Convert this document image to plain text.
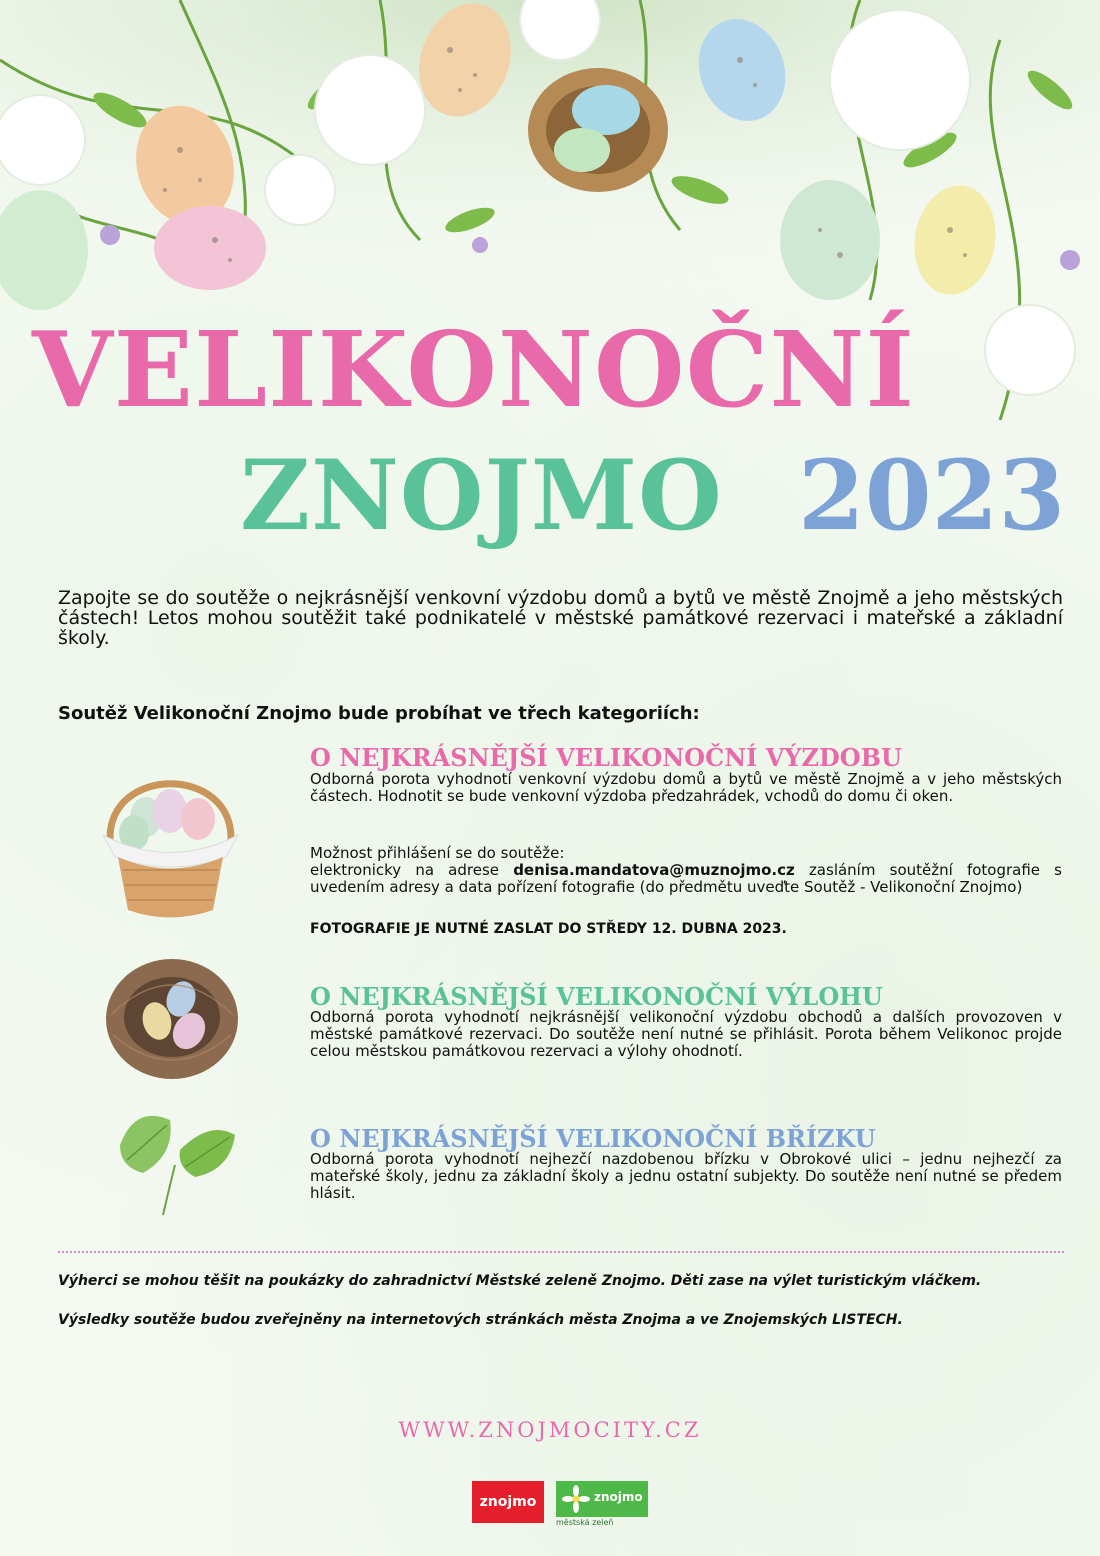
VELIKONOČNÍ
ZNOJMO 2023
Zapojte se do soutěže o nejkrásnější venkovní výzdobu domů a bytů ve městě Znojmě a jeho městských částech! Letos mohou soutěžit také podnikatelé v městské památkové rezervaci i mateřské a základní školy.
Soutěž Velikonoční Znojmo bude probíhat ve třech kategoriích:
O NEJKRÁSNĚJŠÍ VELIKONOČNÍ VÝZDOBU
Odborná porota vyhodnotí venkovní výzdobu domů a bytů ve městě Znojmě a v jeho městských částech. Hodnotit se bude venkovní výzdoba předzahrádek, vchodů do domu či oken.
Možnost přihlášení se do soutěže:
elektronicky na adrese denisa.mandatova@muznojmo.cz zasláním soutěžní fotografie s uvedením adresy a data pořízení fotografie (do předmětu uveďte Soutěž - Velikonoční Znojmo)
FOTOGRAFIE JE NUTNÉ ZASLAT DO STŘEDY 12. DUBNA 2023.
O NEJKRÁSNĚJŠÍ VELIKONOČNÍ VÝLOHU
Odborná porota vyhodnotí nejkrásnější velikonoční výzdobu obchodů a dalších provozoven v městské památkové rezervaci. Do soutěže není nutné se přihlásit. Porota během Velikonoc projde celou městskou památkovou rezervaci a výlohy ohodnotí.
O NEJKRÁSNĚJŠÍ VELIKONOČNÍ BŘÍZKU
Odborná porota vyhodnotí nejhezčí nazdobenou břízku v Obrokové ulici – jednu nejhezčí za mateřské školy, jednu za základní školy a jednu ostatní subjekty. Do soutěže není nutné se předem hlásit.
Výherci se mohou těšit na poukázky do zahradnictví Městské zeleně Znojmo. Děti zase na výlet turistickým vláčkem.
Výsledky soutěže budou zveřejněny na internetových stránkách města Znojma a ve Znojemských LISTECH.
WWW.ZNOJMOCITY.CZ
znojmo	znojmo
městská zeleň
